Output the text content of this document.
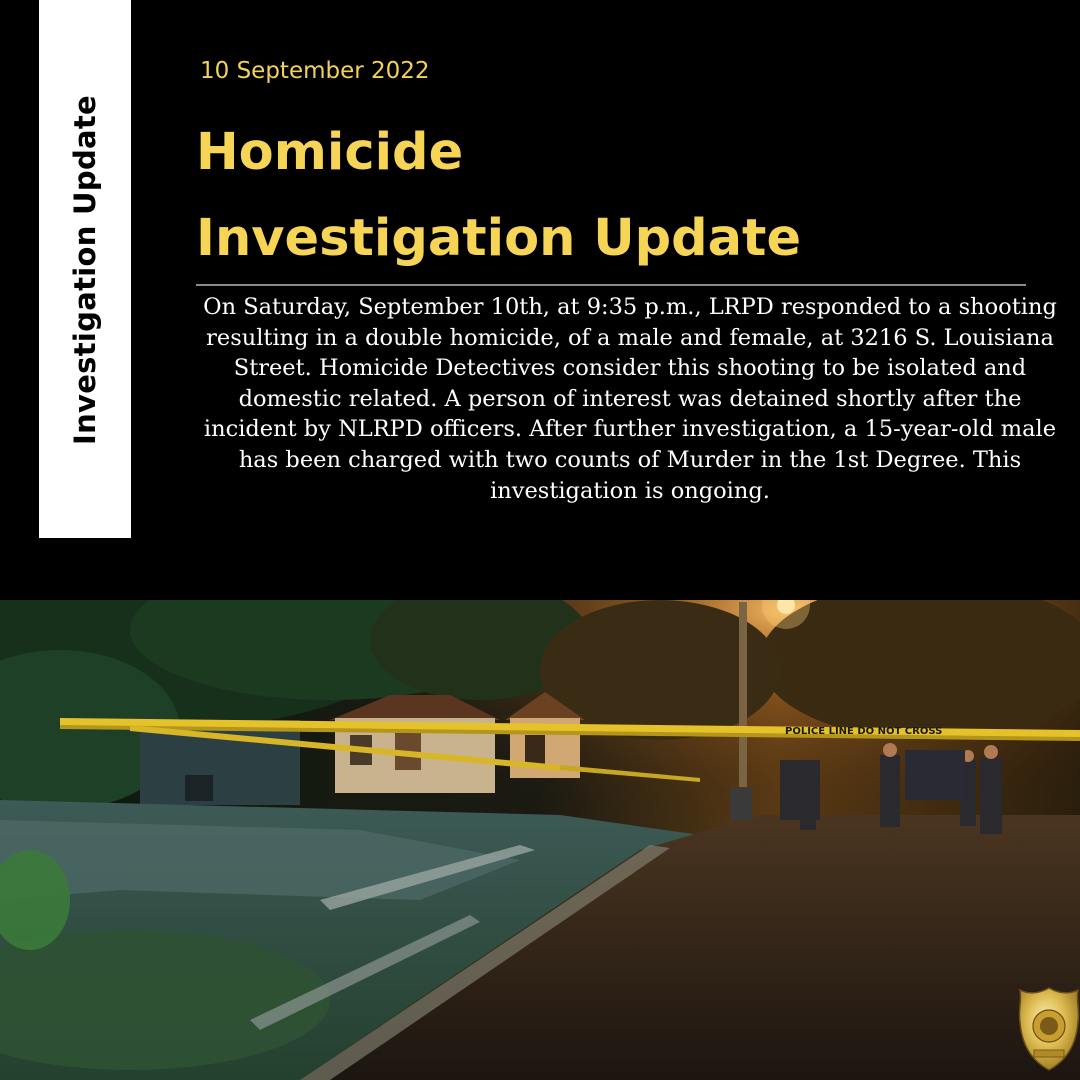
Investigation Update
10 September 2022
Homicide
Investigation Update

On Saturday, September 10th, at 9:35 p.m., LRPD responded to a shooting resulting in a double homicide, of a male and female, at 3216 S. Louisiana Street. Homicide Detectives consider this shooting to be isolated and domestic related. A person of interest was detained shortly after the incident by NLRPD officers. After further investigation, a 15-year-old male has been charged with two counts of Murder in the 1st Degree. This investigation is ongoing.

POLICE LINE DO NOT CROSS
